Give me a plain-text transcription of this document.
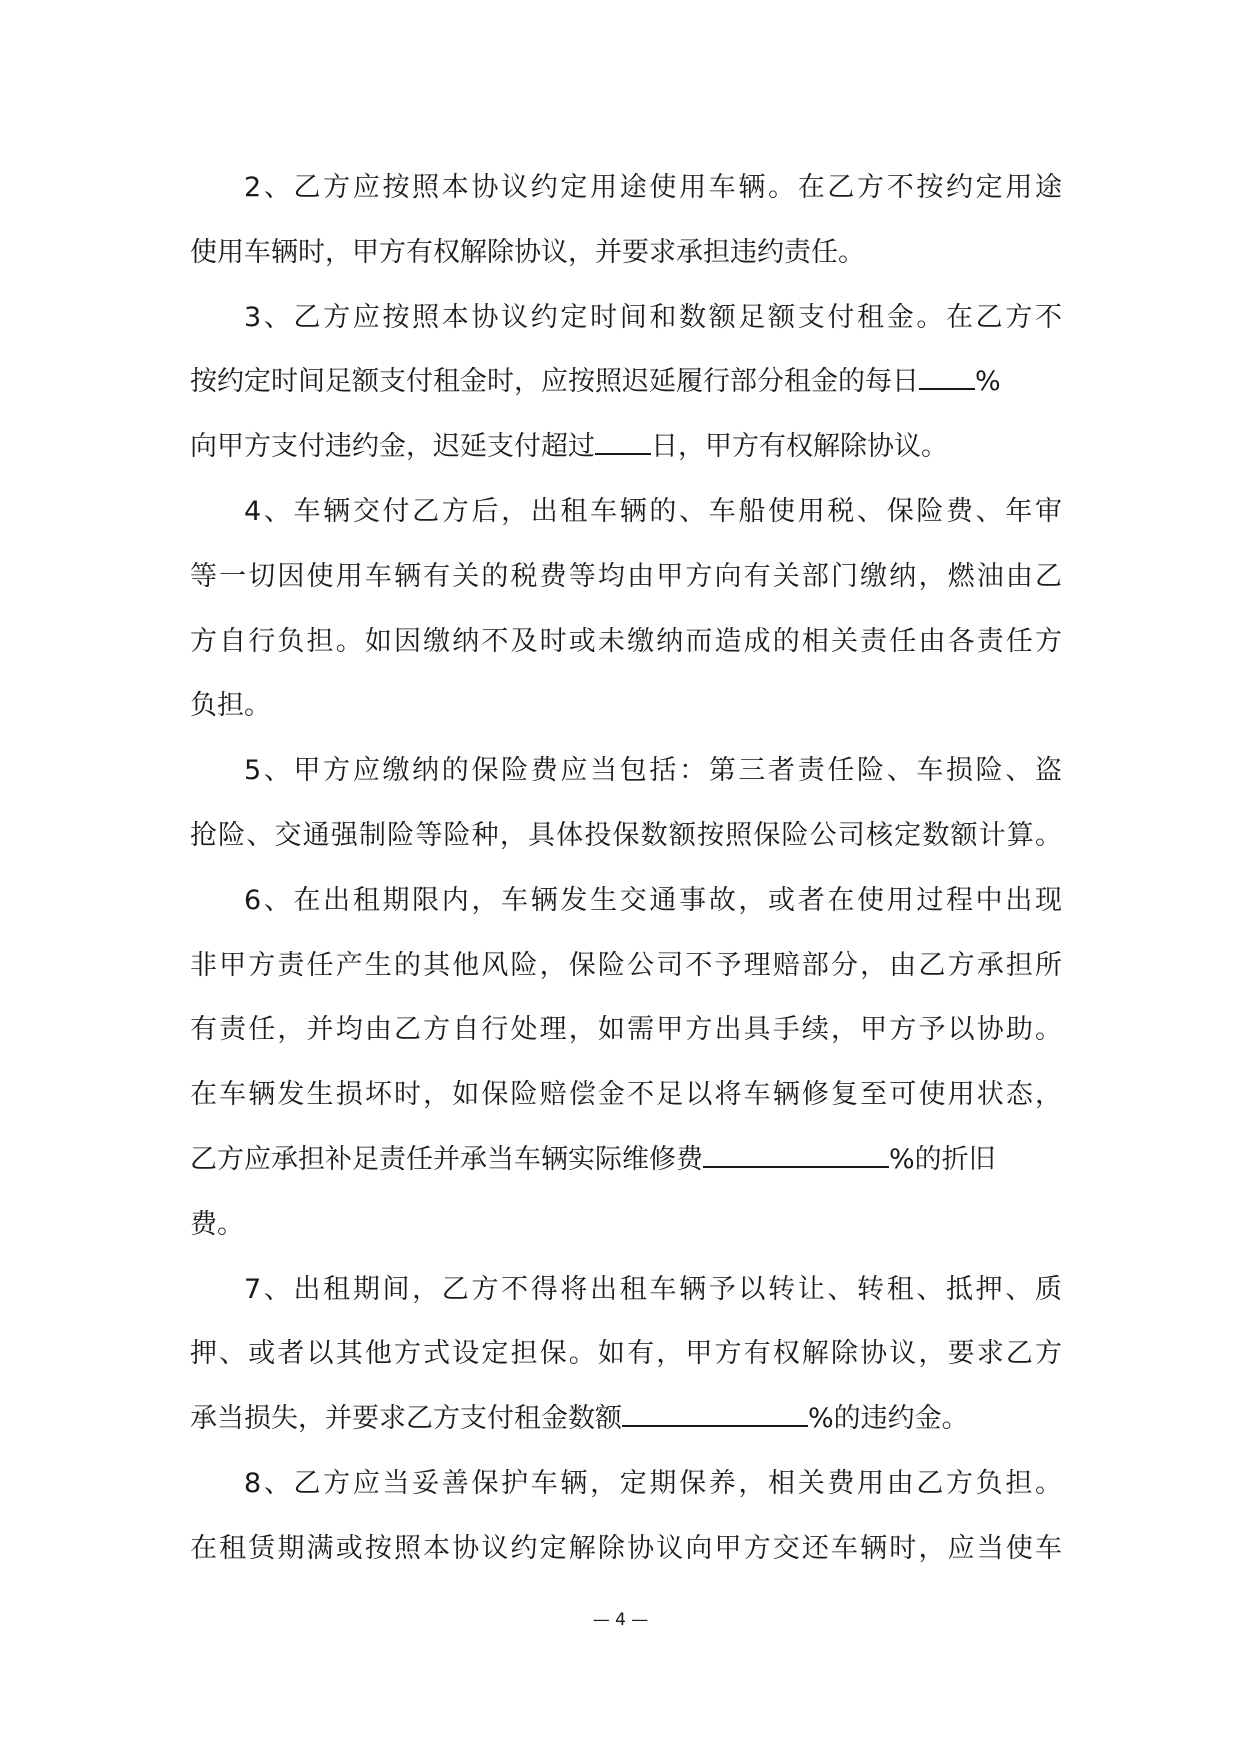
2、乙方应按照本协议约定用途使用车辆。在乙方不按约定用途
使用车辆时，甲方有权解除协议，并要求承担违约责任。
3、乙方应按照本协议约定时间和数额足额支付租金。在乙方不
按约定时间足额支付租金时，应按照迟延履行部分租金的每日 %
向甲方支付违约金，迟延支付超过 日，甲方有权解除协议。
4、车辆交付乙方后，出租车辆的、车船使用税、保险费、年审
等一切因使用车辆有关的税费等均由甲方向有关部门缴纳，燃油由乙
方自行负担。如因缴纳不及时或未缴纳而造成的相关责任由各责任方
负担。
5、甲方应缴纳的保险费应当包括：第三者责任险、车损险、盗
抢险、交通强制险等险种，具体投保数额按照保险公司核定数额计算。
6、在出租期限内，车辆发生交通事故，或者在使用过程中出现
非甲方责任产生的其他风险，保险公司不予理赔部分，由乙方承担所
有责任，并均由乙方自行处理，如需甲方出具手续，甲方予以协助。
在车辆发生损坏时，如保险赔偿金不足以将车辆修复至可使用状态，
乙方应承担补足责任并承当车辆实际维修费	%的折旧
费。
7、出租期间，乙方不得将出租车辆予以转让、转租、抵押、质
押、或者以其他方式设定担保。如有，甲方有权解除协议，要求乙方
承当损失，并要求乙方支付租金数额	%的违约金。
8、乙方应当妥善保护车辆，定期保养，相关费用由乙方负担。
在租赁期满或按照本协议约定解除协议向甲方交还车辆时，应当使车
— 4 —
